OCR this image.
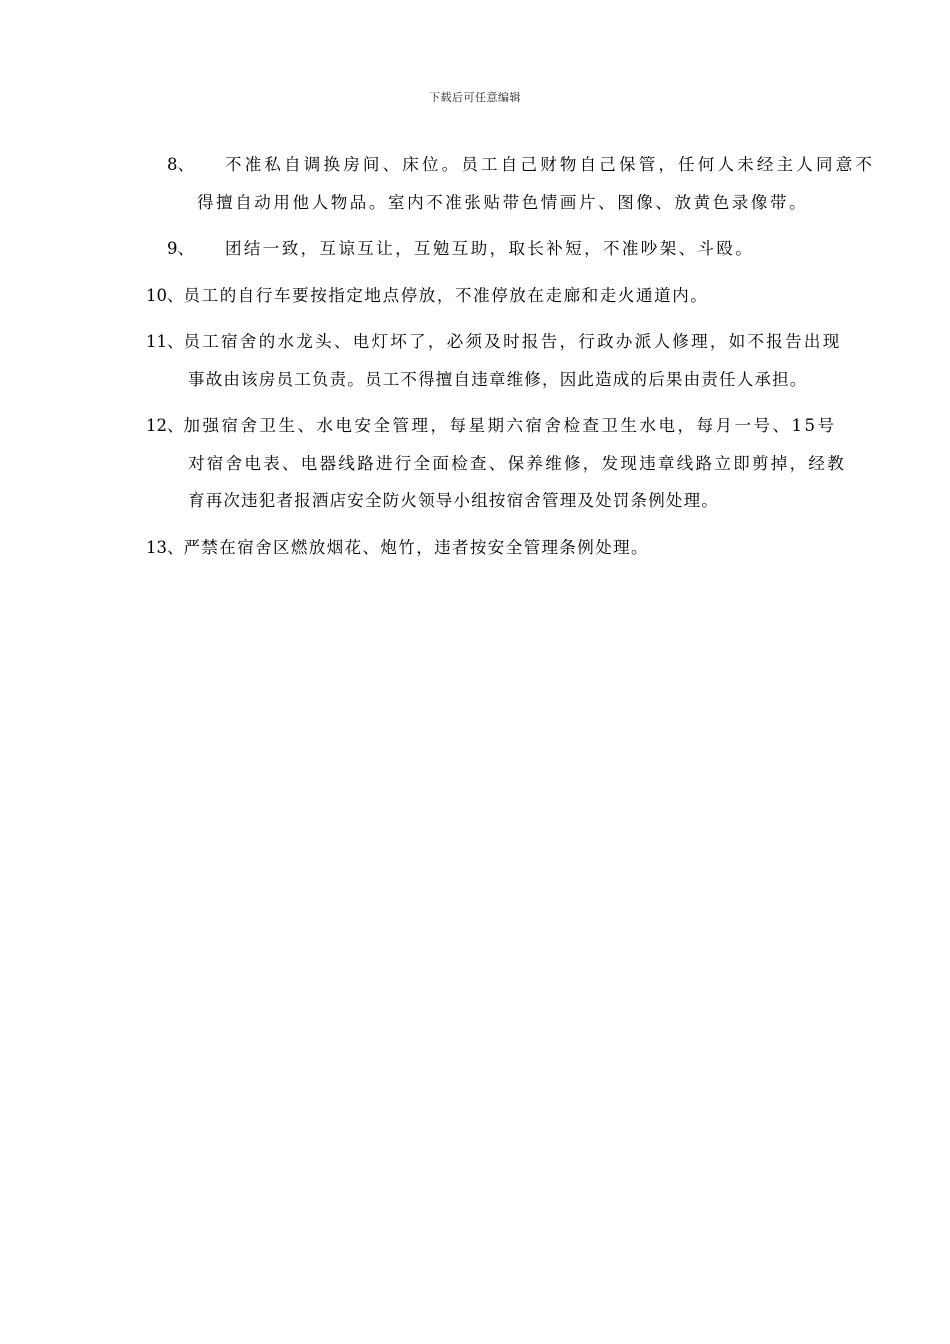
下载后可任意编辑
8、 不准私自调换房间、床位。员工自己财物自己保管，任何人未经主人同意不
得擅自动用他人物品。室内不准张贴带色情画片、图像、放黄色录像带。
9、 团结一致，互谅互让，互勉互助，取长补短，不准吵架、斗殴。
10、员工的自行车要按指定地点停放，不准停放在走廊和走火通道内。
11、员工宿舍的水龙头、电灯坏了，必须及时报告，行政办派人修理，如不报告出现
事故由该房员工负责。员工不得擅自违章维修，因此造成的后果由责任人承担。
12、加强宿舍卫生、水电安全管理，每星期六宿舍检查卫生水电，每月一号、15号
对宿舍电表、电器线路进行全面检查、保养维修，发现违章线路立即剪掉，经教
育再次违犯者报酒店安全防火领导小组按宿舍管理及处罚条例处理。
13、严禁在宿舍区燃放烟花、炮竹，违者按安全管理条例处理。
